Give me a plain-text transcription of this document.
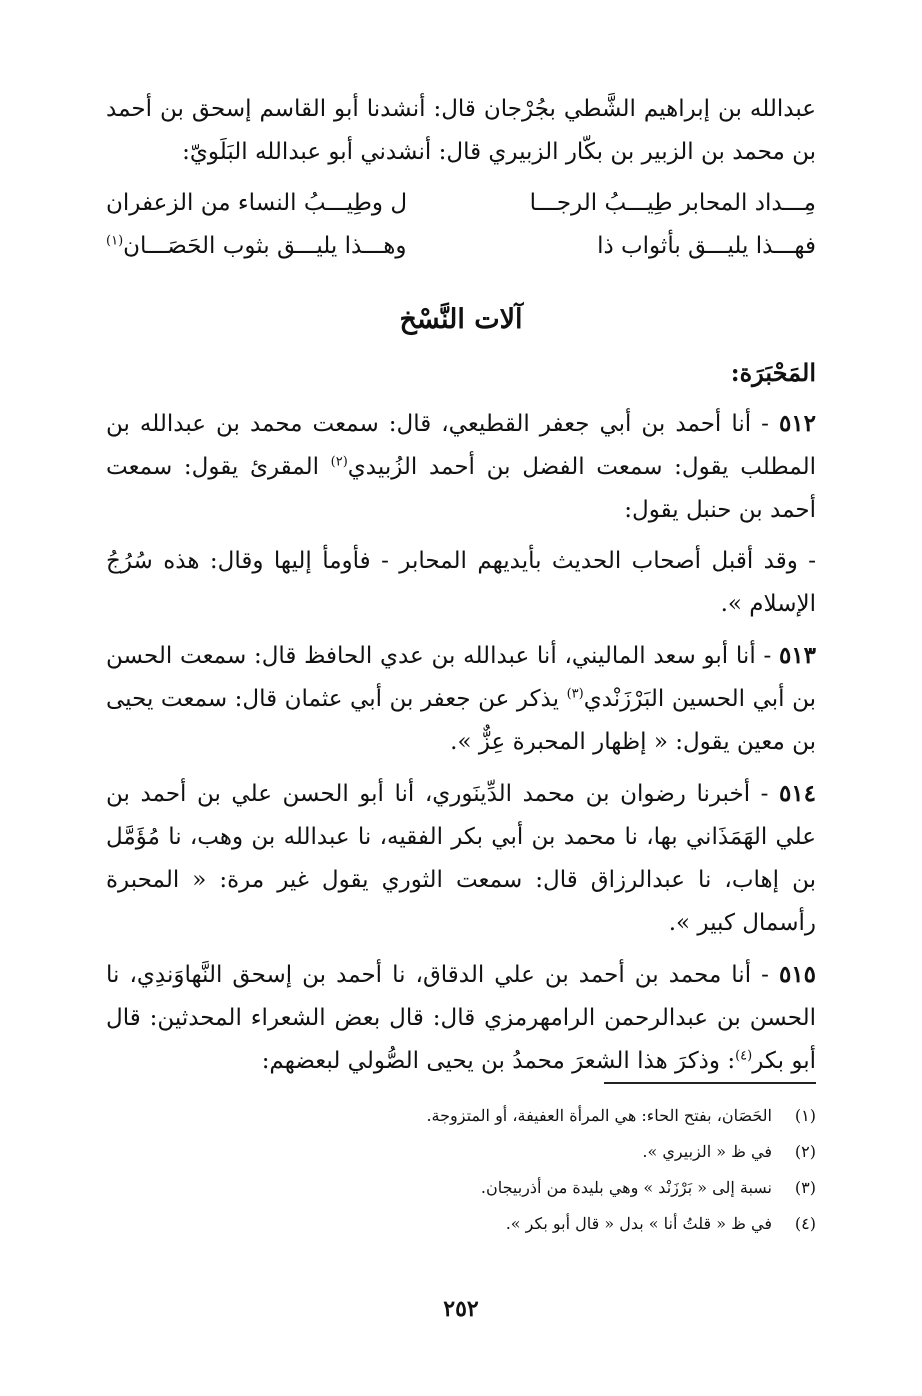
عبدالله بن إبراهيم الشَّطي بجُرْجان قال: أنشدنا أبو القاسم إسحق بن أحمد بن محمد بن الزبير بن بكّار الزبيري قال: أنشدني أبو عبدالله البَلَويّ:

مِـــداد المحابر طِيـــبُ الرجـــا
ل وطِيـــبُ النساء من الزعفران
فهـــذا يليـــق بأثواب ذا
وهـــذا يليـــق بثوب الحَصَـــان$^{(١)}$
آلات النَّسْخ
المَحْبَرَة:

٥١٢ - أنا أحمد بن أبي جعفر القطيعي، قال: سمعت محمد بن عبدالله بن المطلب يقول: سمعت الفضل بن أحمد الزُبيدي$^{(٢)}$ المقرئ يقول: سمعت أحمد بن حنبل يقول:

- وقد أقبل أصحاب الحديث بأيديهم المحابر - فأومأ إليها وقال: هذه سُرُجُ الإسلام ».

٥١٣ - أنا أبو سعد الماليني، أنا عبدالله بن عدي الحافظ قال: سمعت الحسن بن أبي الحسين البَرْزَنْدي$^{(٣)}$ يذكر عن جعفر بن أبي عثمان قال: سمعت يحيى بن معين يقول: « إظهار المحبرة عِزٌّ ».

٥١٤ - أخبرنا رضوان بن محمد الدِّينَوري، أنا أبو الحسن علي بن أحمد بن علي الهَمَذَاني بها، نا محمد بن أبي بكر الفقيه، نا عبدالله بن وهب، نا مُؤَمَّل بن إهاب، نا عبدالرزاق قال: سمعت الثوري يقول غير مرة: « المحبرة رأسمال كبير ».

٥١٥ - أنا محمد بن أحمد بن علي الدقاق، نا أحمد بن إسحق النَّهاوَندِي، نا الحسن بن عبدالرحمن الرامهرمزي قال: قال بعض الشعراء المحدثين: قال أبو بكر$^{(٤)}$: وذكرَ هذا الشعرَ محمدُ بن يحيى الصُّولي لبعضهم:

(١)
الحَصَان، بفتح الحاء: هي المرأة العفيفة، أو المتزوجة.
(٢)
في ظ « الزبيري ».
(٣)
نسبة إلى « بَرْزَنْد » وهي بليدة من أذربيجان.
(٤)
في ظ « قلتُ أنا » بدل « قال أبو بكر ».
٢٥٢
